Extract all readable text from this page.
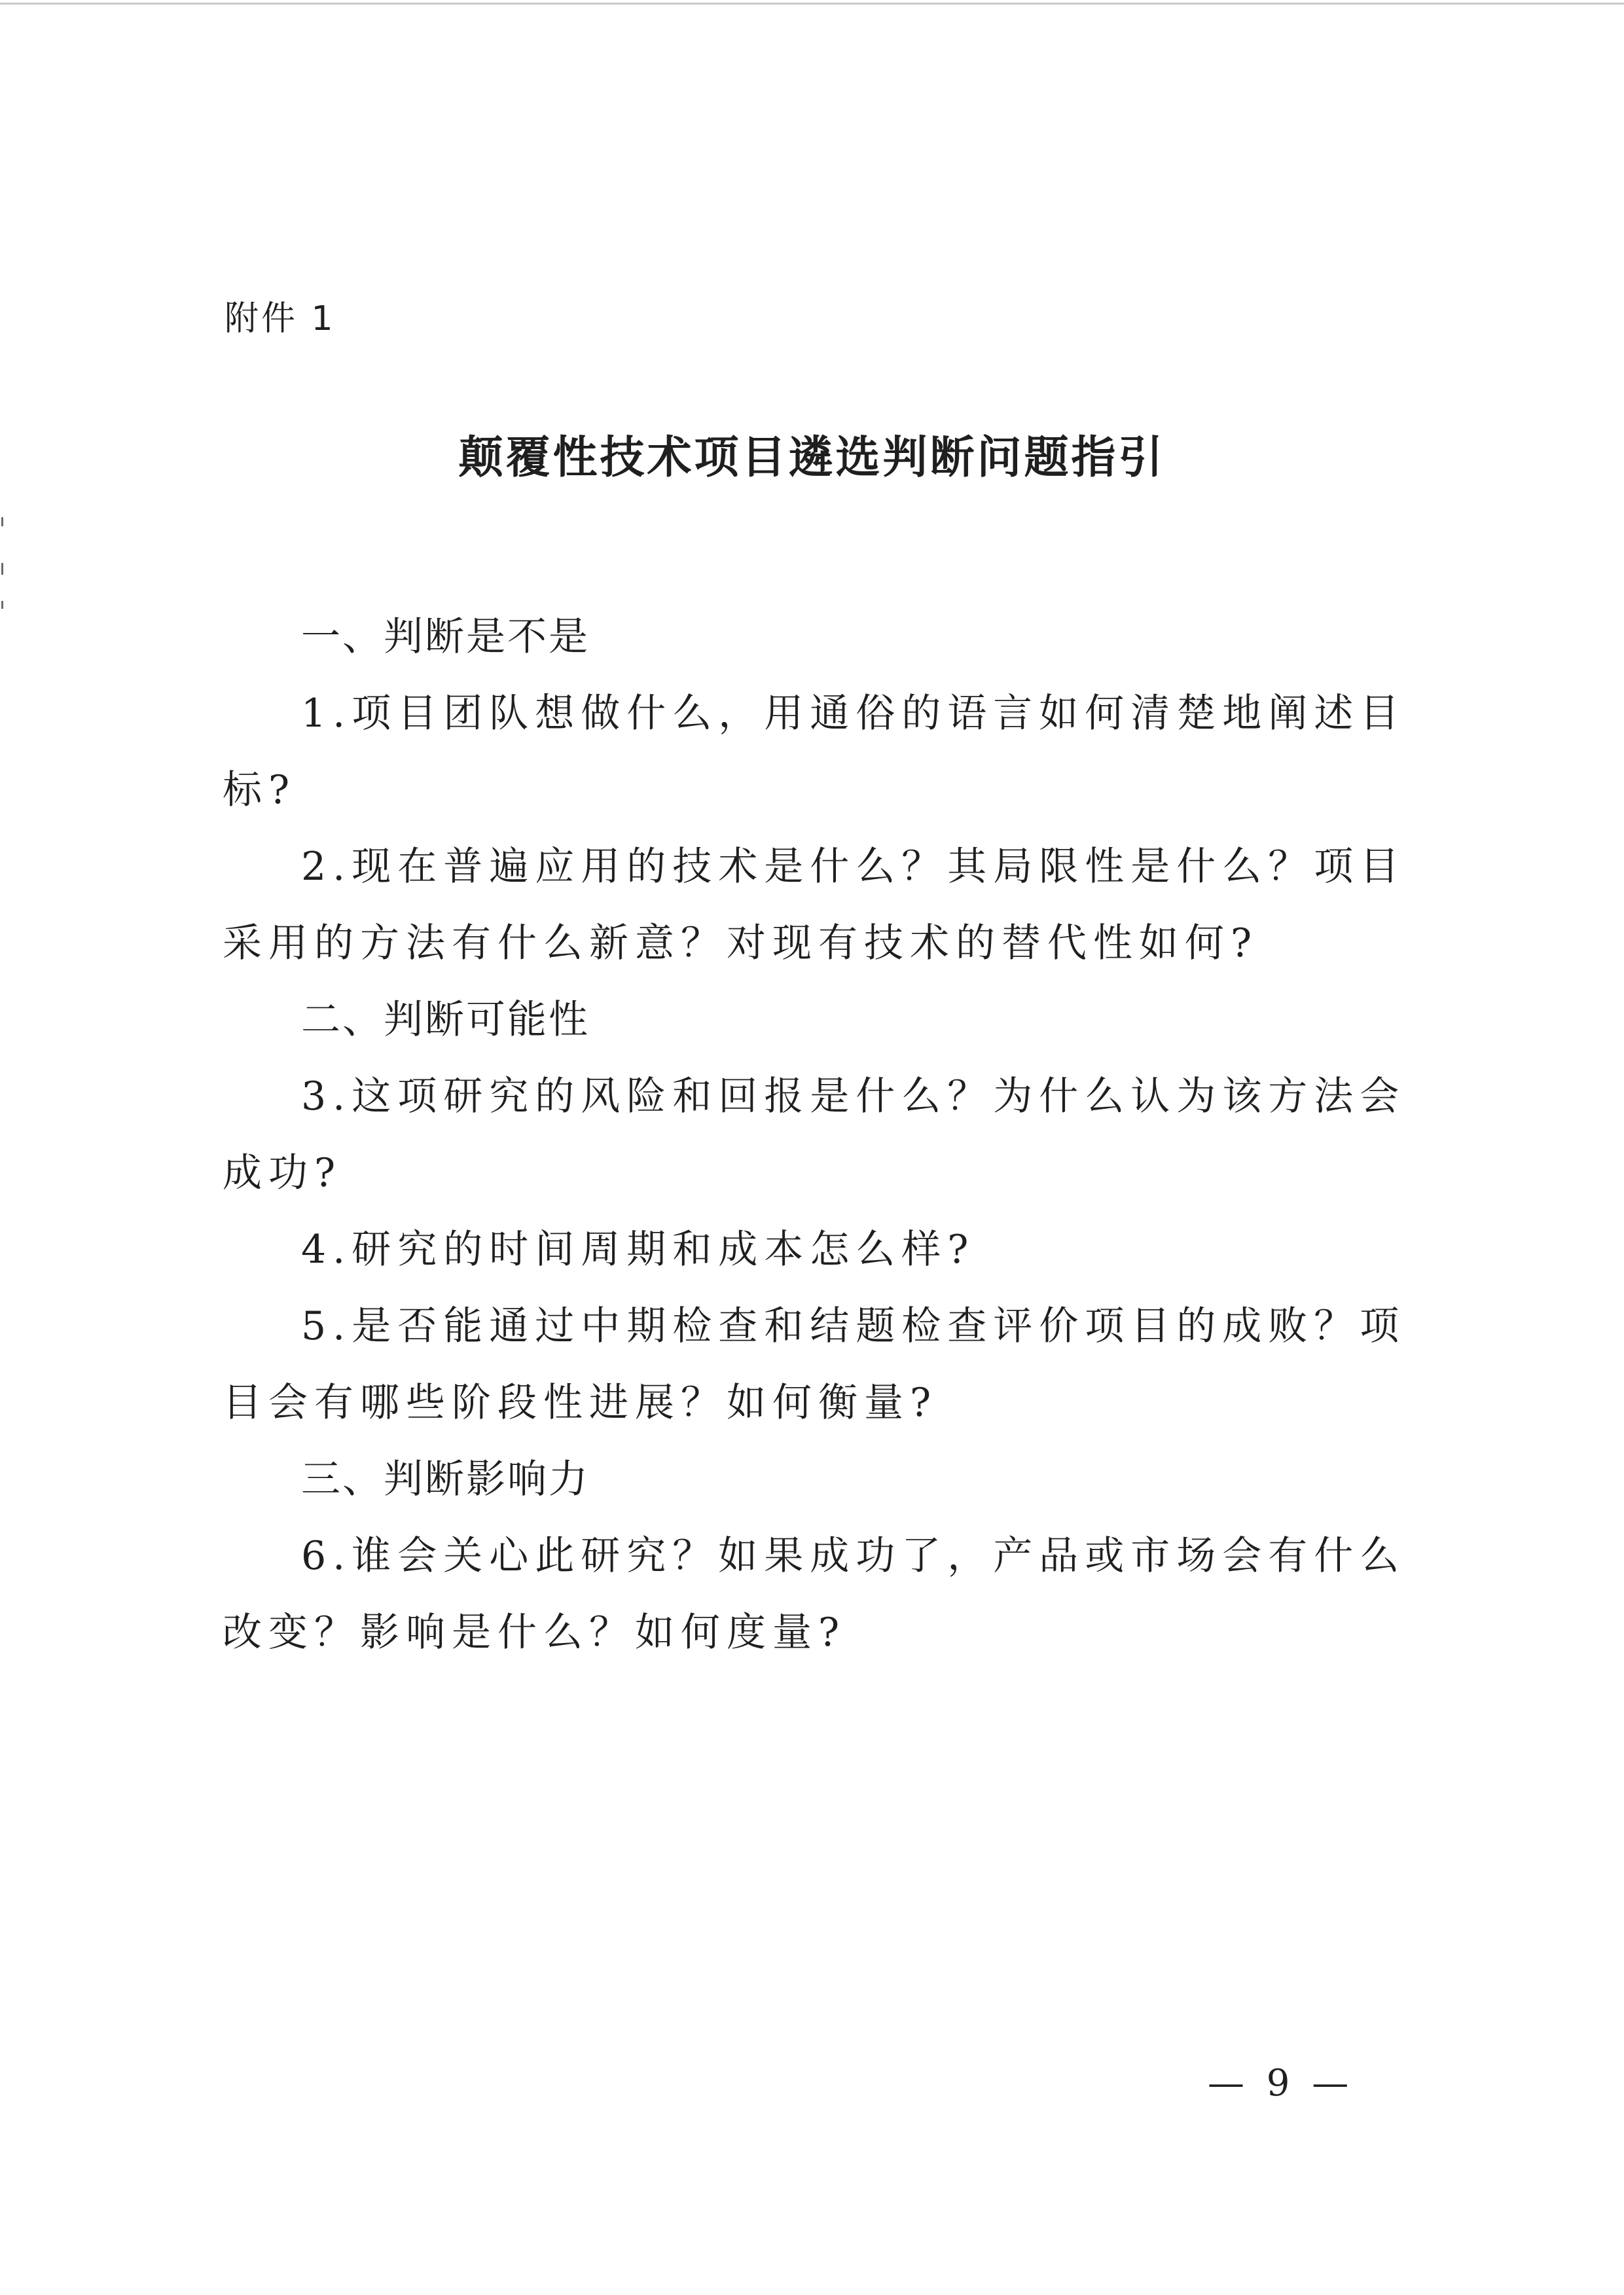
附件 1
颠覆性技术项目遴选判断问题指引
一、判断是不是
1.项目团队想做什么，用通俗的语言如何清楚地阐述目标?
2.现在普遍应用的技术是什么？其局限性是什么？项目采用的方法有什么新意？对现有技术的替代性如何?
二、判断可能性
3.这项研究的风险和回报是什么？为什么认为该方法会成功?
4.研究的时间周期和成本怎么样?
5.是否能通过中期检查和结题检查评价项目的成败？项目会有哪些阶段性进展？如何衡量?
三、判断影响力
6.谁会关心此研究？如果成功了，产品或市场会有什么改变？影响是什么？如何度量?
— 9 —
